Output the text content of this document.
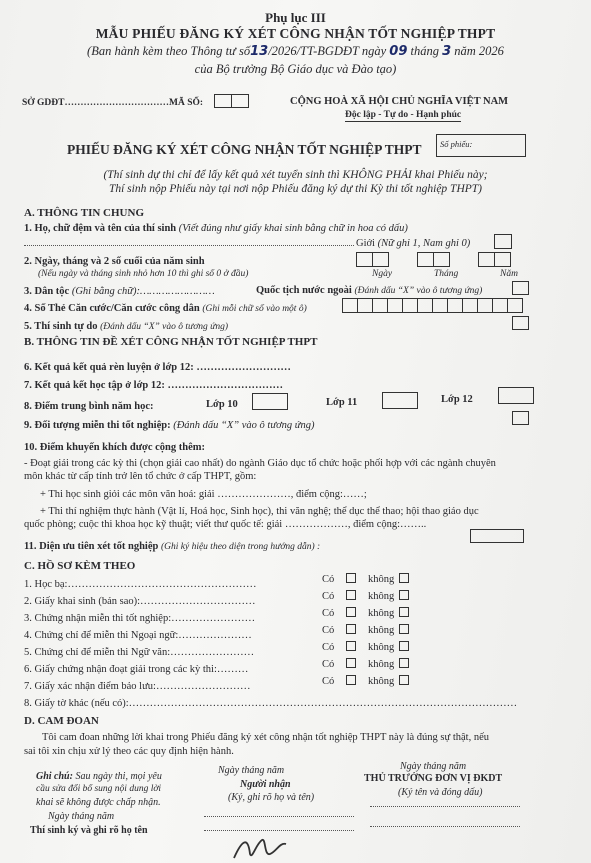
Phụ lục III
MẪU PHIẾU ĐĂNG KÝ XÉT CÔNG NHẬN TỐT NGHIỆP THPT
(Ban hành kèm theo Thông tư số13/2026/TT-BGDĐT ngày 09 tháng 3 năm 2026
của Bộ trưởng Bộ Giáo dục và Đào tạo)
SỞ GDĐT……………………………MÃ SỐ:	CỘNG HOÀ XÃ HỘI CHỦ NGHĨA VIỆT NAM
Độc lập - Tự do - Hạnh phúc
PHIẾU ĐĂNG KÝ XÉT CÔNG NHẬN TỐT NGHIỆP THPT Số phiếu:
(Thí sinh dự thi chỉ để lấy kết quả xét tuyển sinh thì KHÔNG PHẢI khai Phiếu này;
Thí sinh nộp Phiếu này tại nơi nộp Phiếu đăng ký dự thi Kỳ thi tốt nghiệp THPT)
A. THÔNG TIN CHUNG
1. Họ, chữ đệm và tên của thí sinh (Viết đúng như giấy khai sinh bằng chữ in hoa có dấu)
Giới (Nữ ghi 1, Nam ghi 0)
2. Ngày, tháng và 2 số cuối của năm sinh
(Nếu ngày và tháng sinh nhỏ hơn 10 thì ghi số 0 ở đầu)	Ngày	Tháng	Năm
3. Dân tộc (Ghi bằng chữ):……………………	Quốc tịch nước ngoài (Đánh dấu “X” vào ô tương ứng)
4. Số Thẻ Căn cước/Căn cước công dân (Ghi mỗi chữ số vào một ô)
5. Thí sinh tự do (Đánh dấu “X” vào ô tương ứng)
B. THÔNG TIN ĐỀ XÉT CÔNG NHẬN TỐT NGHIỆP THPT
6. Kết quả kết quả rèn luyện ở lớp 12: ………………………
7. Kết quả kết học tập ở lớp 12: ……………………………
8. Điểm trung bình năm học:	Lớp 10	Lớp 11	Lớp 12
9. Đối tượng miễn thi tốt nghiệp: (Đánh dấu “X” vào ô tương ứng)
10. Điểm khuyến khích được cộng thêm:
- Đoạt giải trong các kỳ thi (chọn giải cao nhất) do ngành Giáo dục tổ chức hoặc phối hợp với các ngành chuyên
môn khác từ cấp tỉnh trở lên tổ chức ở cấp THPT, gồm:
+ Thi học sinh giỏi các môn văn hoá: giải …………………, điểm cộng:……;
+ Thi thí nghiệm thực hành (Vật lí, Hoá học, Sinh học), thi văn nghệ; thể dục thể thao; hội thao giáo dục
quốc phòng; cuộc thi khoa học kỹ thuật; viết thư quốc tế: giải ………………, điểm cộng:……..
11. Diện ưu tiên xét tốt nghiệp (Ghi ký hiệu theo diện trong hướng dẫn) :
C. HỒ SƠ KÈM THEO
1. Học bạ:………………………………………………	Có	không
2. Giấy khai sinh (bản sao):……………………………	Có	không
3. Chứng nhận miễn thi tốt nghiệp:……………………	Có	không
4. Chứng chỉ để miễn thi Ngoại ngữ:…………………	Có	không
5. Chứng chỉ để miễn thi Ngữ văn:……………………	Có	không
6. Giấy chứng nhận đoạt giải trong các kỳ thi:………	Có	không
7. Giấy xác nhận điểm bảo lưu:………………………	Có	không
8. Giấy tờ khác (nếu có):…………………………………………………………………………………………………
D. CAM ĐOAN
Tôi cam đoan những lời khai trong Phiếu đăng ký xét công nhận tốt nghiệp THPT này là đúng sự thật, nếu
sai tôi xin chịu xử lý theo các quy định hiện hành.
Ghi chú: Sau ngày thi, mọi yêu
cầu sửa đổi bổ sung nội dung lời
khai sẽ không được chấp nhận.
Ngày tháng năm
Thí sinh ký và ghi rõ họ tên
Ngày tháng năm
Người nhận
(Ký, ghi rõ họ và tên)
Ngày tháng năm
THỦ TRƯỞNG ĐƠN VỊ ĐKDT
(Ký tên và đóng dấu)
